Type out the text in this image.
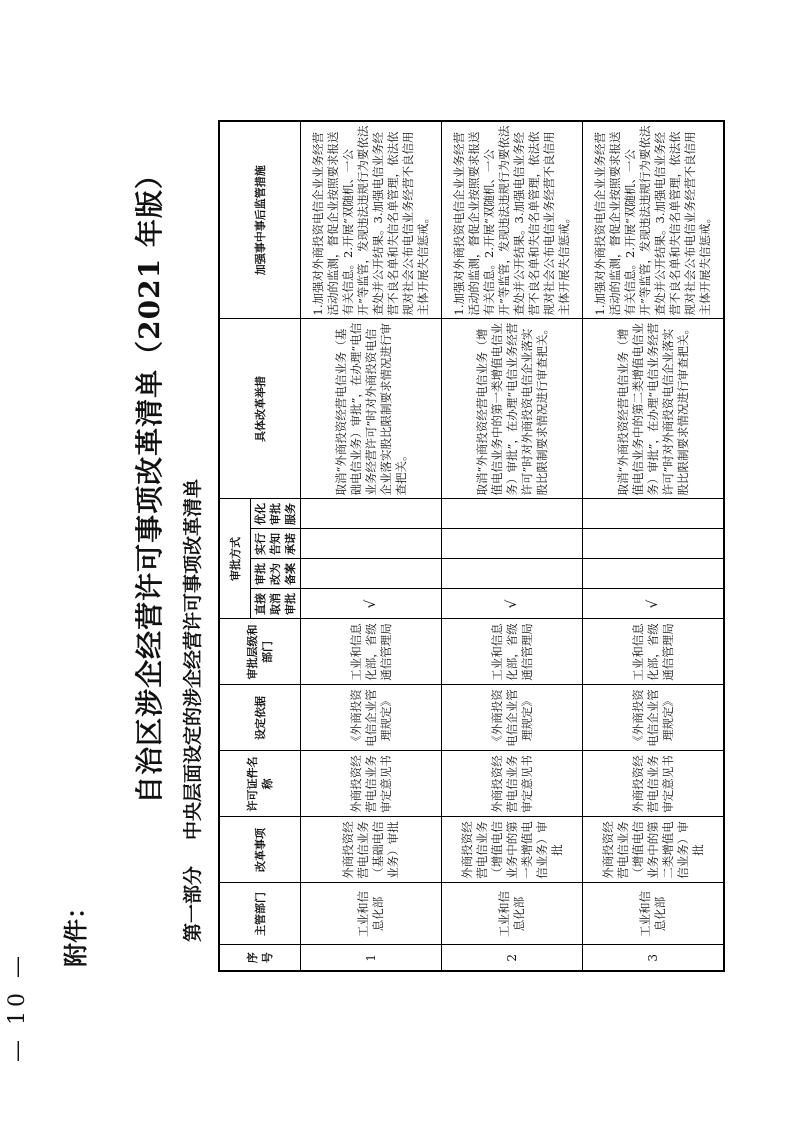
— 10 —
附件：
自治区涉企经营许可事项改革清单（2021 年版）
第一部分中央层面设定的涉企经营许可事项改革清单
序号	主管部门	改革事项	许可证件名称	设定依据	审批层级和部门	审批方式				具体改革举措	加强事中事后监管措施
						直接取消审批	审批改为备案	实行告知承诺	优化审批服务		
1	工业和信息化部	外商投资经营电信业务（基础电信业务）审批	外商投资经营电信业务审定意见书	《外商投资电信企业管理规定》	工业和信息化部，省级通信管理局	√				取消“外商投资经营电信业务（基础电信业务）审批”，在办理“电信业务经营许可”时对外商投资电信企业落实股比限制要求情况进行审查把关。	1.加强对外商投资电信企业业务经营活动的监测，督促企业按照要求报送有关信息。2.开展“双随机、一公开”等监管，发现违法违规行为要依法查处并公开结果。3.加强电信业务经营不良名单和失信名单管理，依法依规对社会公布电信业务经营不良信用主体开展失信惩戒。
2	工业和信息化部	外商投资经营电信业务（增值电信业务中的第一类增值电信业务）审批	外商投资经营电信业务审定意见书	《外商投资电信企业管理规定》	工业和信息化部，省级通信管理局	√				取消“外商投资经营电信业务（增值电信业务中的第一类增值电信业务）审批”，在办理“电信业务经营许可”时对外商投资电信企业落实股比限制要求情况进行审查把关。	1.加强对外商投资电信企业业务经营活动的监测，督促企业按照要求报送有关信息。2.开展“双随机、一公开”等监管，发现违法违规行为要依法查处并公开结果。3.加强电信业务经营不良名单和失信名单管理，依法依规对社会公布电信业务经营不良信用主体开展失信惩戒。
3	工业和信息化部	外商投资经营电信业务（增值电信业务中的第二类增值电信业务）审批	外商投资经营电信业务审定意见书	《外商投资电信企业管理规定》	工业和信息化部，省级通信管理局	√				取消“外商投资经营电信业务（增值电信业务中的第二类增值电信业务）审批”，在办理“电信业务经营许可”时对外商投资电信企业落实股比限制要求情况进行审查把关。	1.加强对外商投资电信企业业务经营活动的监测，督促企业按照要求报送有关信息。2.开展“双随机、一公开”等监管，发现违法违规行为要依法查处并公开结果。3.加强电信业务经营不良名单和失信名单管理，依法依规对社会公布电信业务经营不良信用主体开展失信惩戒。
